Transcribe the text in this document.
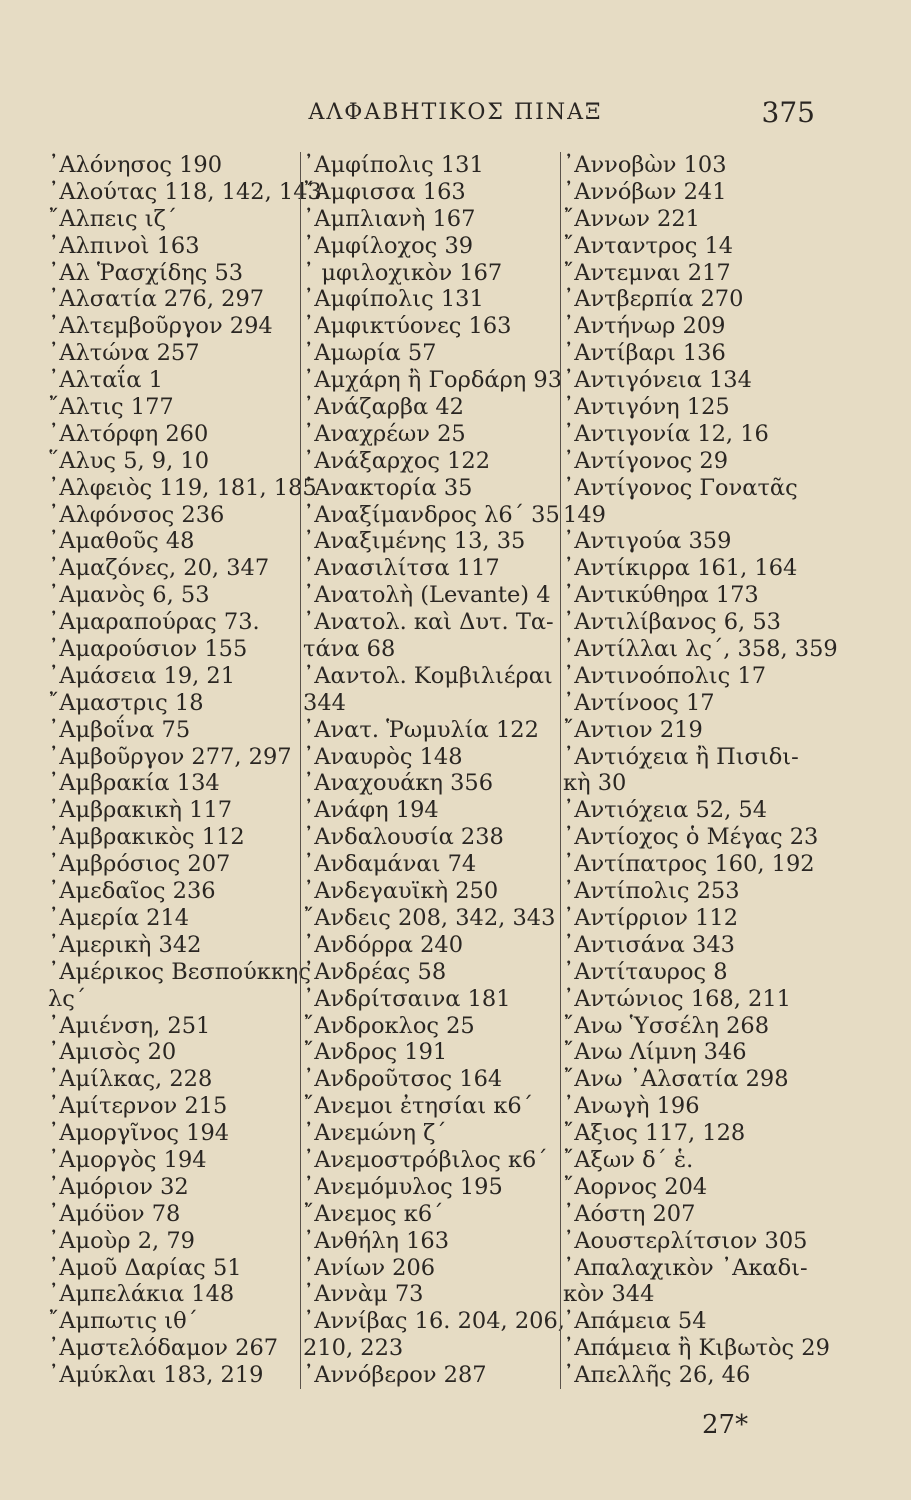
ΑΛΦΑΒΗΤΙΚΟΣ ΠΙΝΑΞ	375
᾿Αλόνησος 190
᾿Αλούτας 118, 142, 143
῎Αλπεις ιζ΄
᾿Αλπινοὶ 163
᾿Αλ Ῥασχίδης 53
᾿Αλσατία 276, 297
᾿Αλτεμβοῦργον 294
᾿Αλτώνα 257
᾿Αλταΐα 1
῎Αλτις 177
᾿Αλτόρφη 260
῞Αλυς 5, 9, 10
᾿Αλφειὸς 119, 181, 185
᾿Αλφόνσος 236
᾿Αμαθοῦς 48
᾿Αμαζόνες, 20, 347
᾿Αμανὸς 6, 53
᾿Αμαραπούρας 73.
᾿Αμαρούσιον 155
᾿Αμάσεια 19, 21
῎Αμαστρις 18
᾿Αμβοΐνα 75
᾿Αμβοῦργον 277, 297
᾿Αμβρακία 134
᾿Αμβρακικὴ 117
᾿Αμβρακικὸς 112
᾿Αμβρόσιος 207
᾿Αμεδαῖος 236
᾿Αμερία 214
᾿Αμερικὴ 342
᾿Αμέρικος Βεσπούκκης
λς΄
᾿Αμιένση, 251
᾿Αμισὸς 20
᾿Αμίλκας, 228
᾿Αμίτερνον 215
᾿Αμοργῖνος 194
᾿Αμοργὸς 194
᾿Αμόριον 32
᾿Αμόϋον 78
᾿Αμοὺρ 2, 79
᾿Αμοῦ Δαρίας 51
᾿Αμπελάκια 148
῎Αμπωτις ιθ΄
᾿Αμστελόδαμον 267
᾿Αμύκλαι 183, 219
᾿Αμφίπολις 131
῎Αμφισσα 163
᾿Αμπλιανὴ 167
᾿Αμφίλοχος 39
᾿ μφιλοχικὸν 167
᾿Αμφίπολις 131
᾿Αμφικτύονες 163
᾿Αμωρία 57
᾿Αμχάρη ἢ Γορδάρη 93
᾿Ανάζαρβα 42
᾿Αναχρέων 25
᾿Ανάξαρχος 122
᾿Ανακτορία 35
᾿Αναξίμανδρος λ6΄ 35
᾿Αναξιμένης 13, 35
᾿Ανασιλίτσα 117
᾿Ανατολὴ (Levante) 4
᾿Ανατολ. καὶ Δυτ. Τα-
τάνα 68
᾿Ααντολ. Κομβιλιέραι
344
᾿Ανατ. Ῥωμυλία 122
᾿Αναυρὸς 148
᾿Αναχουάκη 356
᾿Ανάφη 194
᾿Ανδαλουσία 238
᾿Ανδαμάναι 74
᾿Ανδεγαυϊκὴ 250
῎Ανδεις 208, 342, 343
᾿Ανδόρρα 240
᾿Ανδρέας 58
᾿Ανδρίτσαινα 181
῎Ανδροκλος 25
῎Ανδρος 191
᾿Ανδροῦτσος 164
῎Ανεμοι ἐτησίαι κ6΄
᾿Ανεμώνη ζ΄
᾿Ανεμοστρόβιλος κ6΄
᾿Ανεμόμυλος 195
῎Ανεμος κ6΄
᾿Ανθήλη 163
᾿Ανίων 206
᾿Αννὰμ 73
᾿Αννίβας 16. 204, 206,
210, 223
᾿Αννόβερον 287
᾿Αννοβὼν 103
᾿Αννόβων 241
῎Αννων 221
῎Ανταντρος 14
῎Αντεμναι 217
᾿Αντβερπία 270
᾿Αντήνωρ 209
᾿Αντίβαρι 136
᾿Αντιγόνεια 134
᾿Αντιγόνη 125
᾿Αντιγονία 12, 16
᾿Αντίγονος 29
᾿Αντίγονος Γονατᾶς
149
᾿Αντιγούα 359
᾿Αντίκιρρα 161, 164
᾿Αντικύθηρα 173
᾿Αντιλίβανος 6, 53
᾿Αντίλλαι λς΄, 358, 359
᾿Αντινοόπολις 17
᾿Αντίνοος 17
῎Αντιον 219
᾿Αντιόχεια ἢ Πισιδι-
κὴ 30
᾿Αντιόχεια 52, 54
᾿Αντίοχος ὁ Μέγας 23
᾿Αντίπατρος 160, 192
᾿Αντίπολις 253
᾿Αντίρριον 112
᾿Αντισάνα 343
᾿Αντίταυρος 8
᾿Αντώνιος 168, 211
῎Ανω Ὑσσέλη 268
῎Ανω Λίμνη 346
῎Ανω ᾿Αλσατία 298
᾿Ανωγὴ 196
῎Αξιος 117, 128
῎Αξων δ΄ ἑ.
῎Αορνος 204
᾿Αόστη 207
᾿Αουστερλίτσιον 305
᾿Απαλαχικὸν ᾿Ακαδι-
κὸν 344
᾿Απάμεια 54
᾿Απάμεια ἢ Κιβωτὸς 29
᾿Απελλῆς 26, 46
27*
